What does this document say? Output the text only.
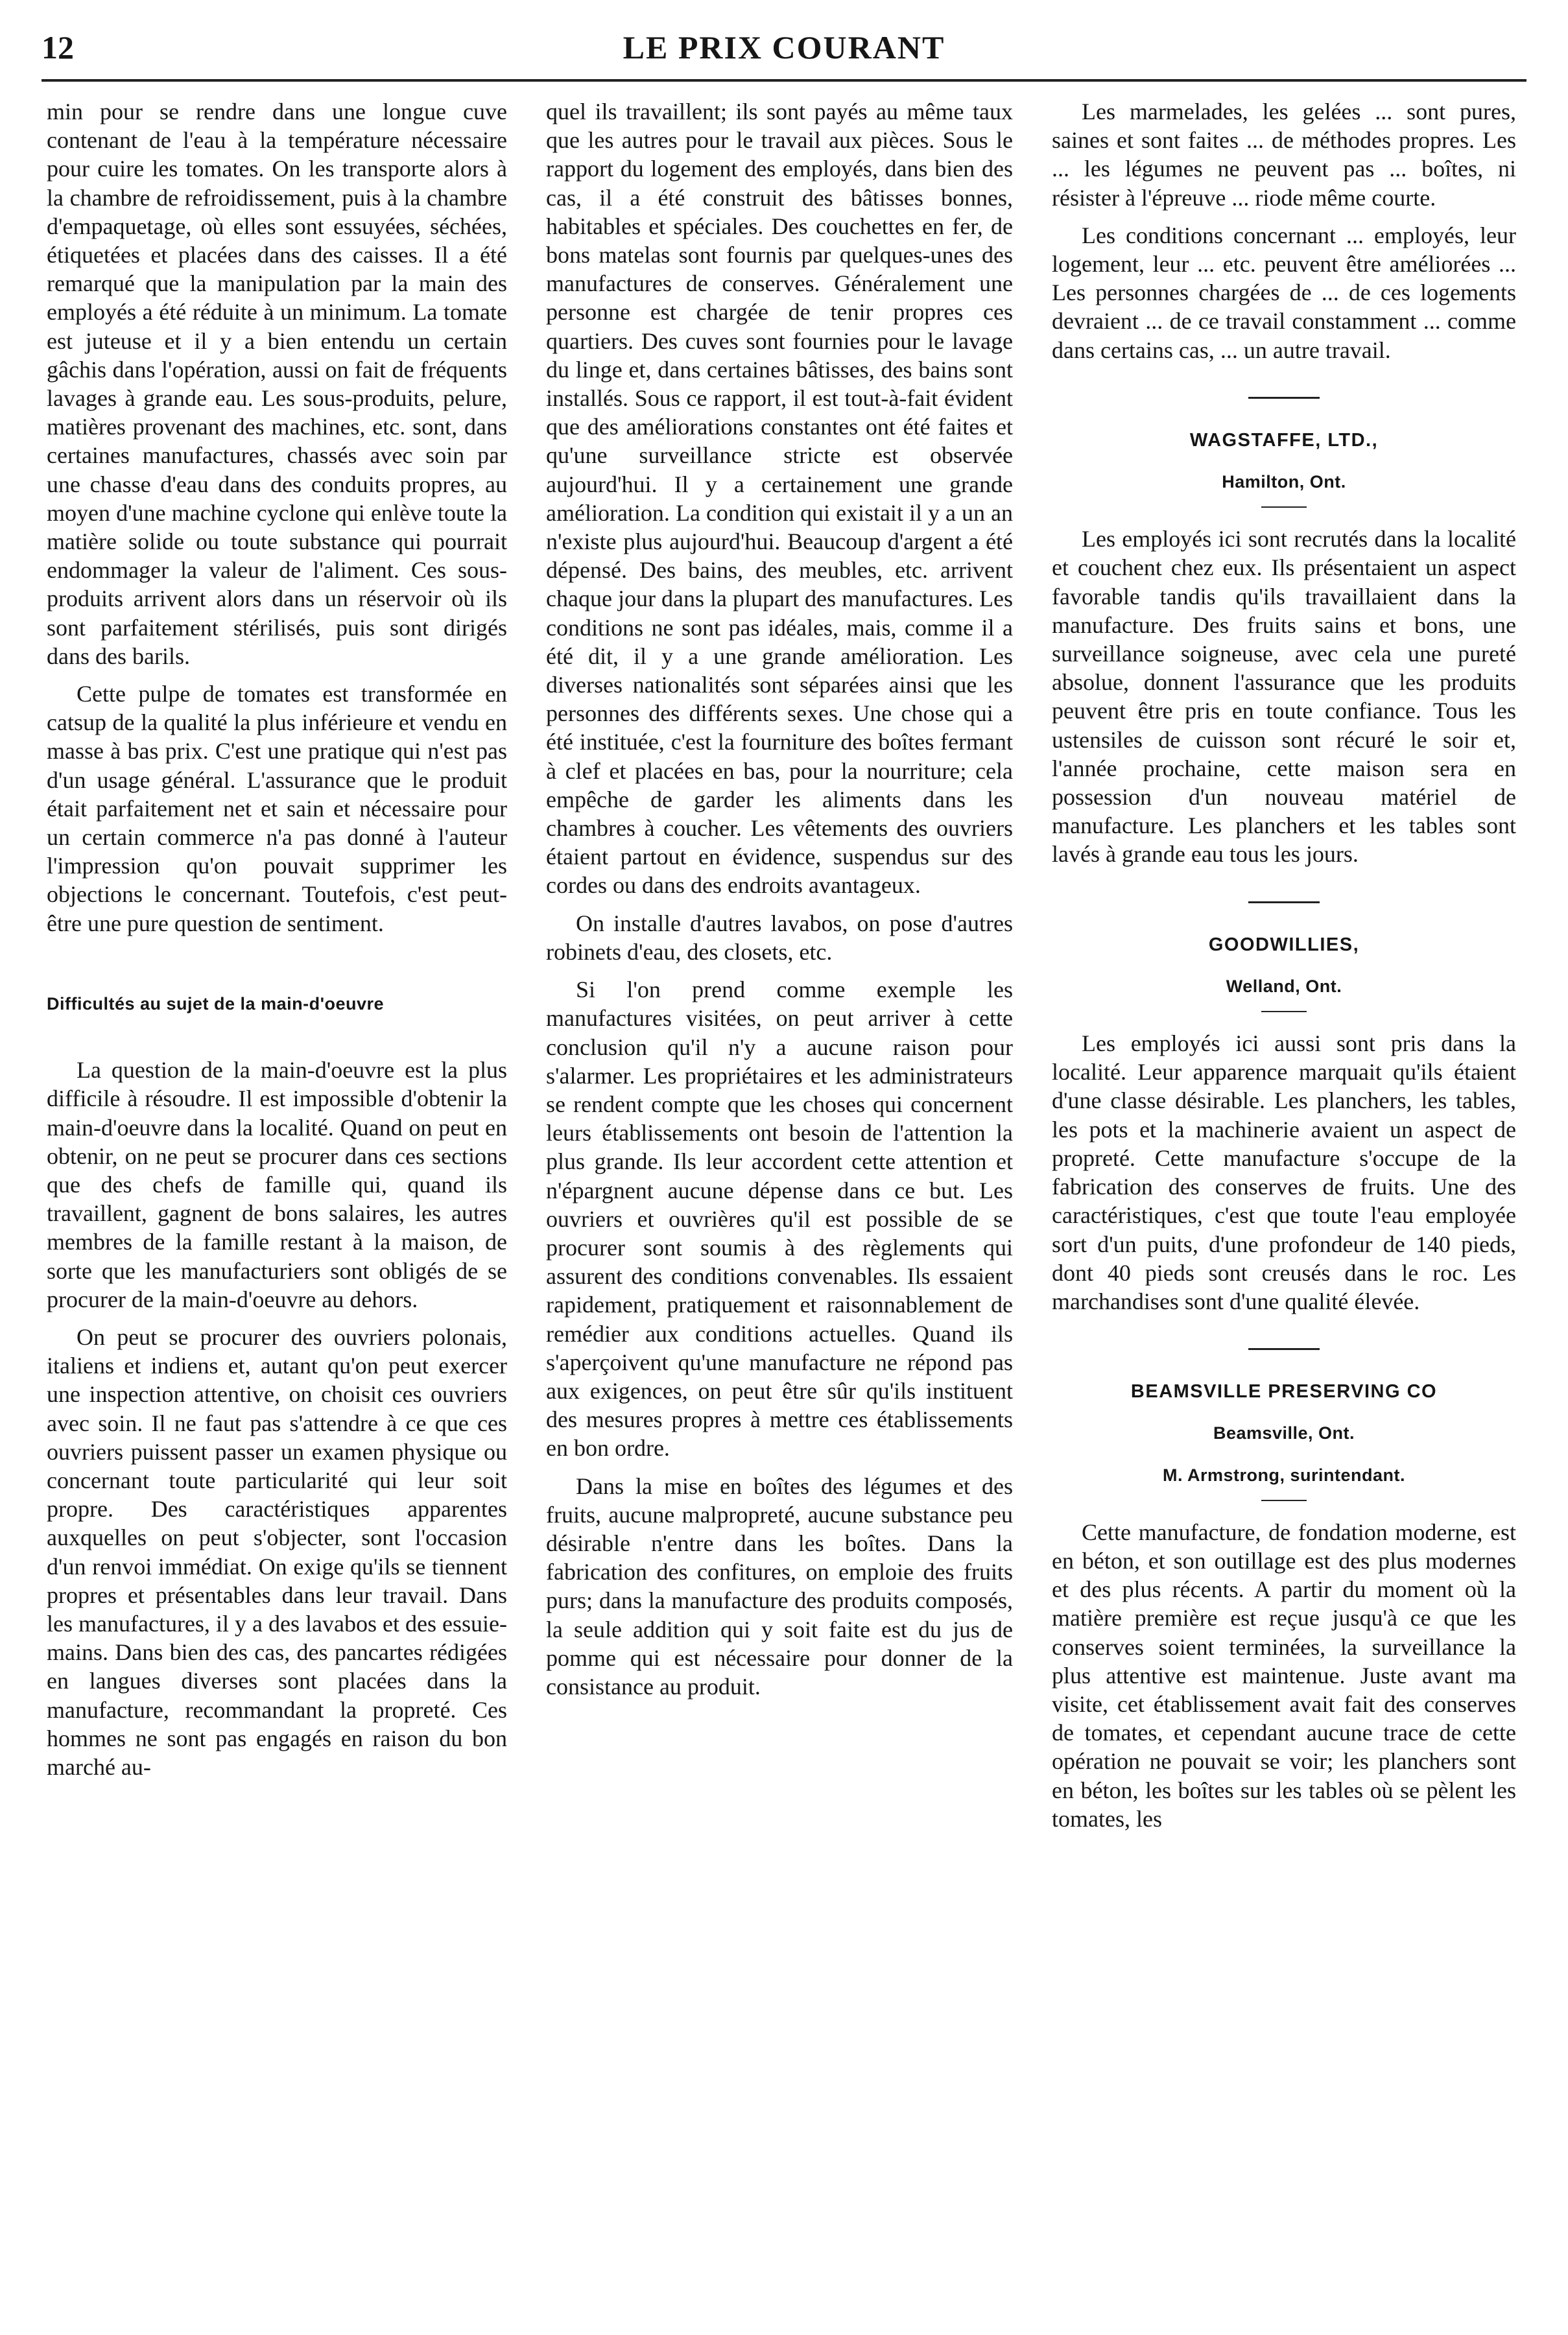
12	LE PRIX COURANT

min pour se rendre dans une longue cuve contenant de l'eau à la température nécessaire pour cuire les tomates. On les transporte alors à la chambre de refroidissement, puis à la chambre d'empaquetage, où elles sont essuyées, séchées, étiquetées et placées dans des caisses. Il a été remarqué que la manipulation par la main des employés a été réduite à un minimum. La tomate est juteuse et il y a bien entendu un certain gâchis dans l'opération, aussi on fait de fréquents lavages à grande eau. Les sous-produits, pelure, matières provenant des machines, etc. sont, dans certaines manufactures, chassés avec soin par une chasse d'eau dans des conduits propres, au moyen d'une machine cyclone qui enlève toute la matière solide ou toute substance qui pourrait endommager la valeur de l'aliment. Ces sous-produits arrivent alors dans un réservoir où ils sont parfaitement stérilisés, puis sont dirigés dans des barils.

Cette pulpe de tomates est transformée en catsup de la qualité la plus inférieure et vendu en masse à bas prix. C'est une pratique qui n'est pas d'un usage général. L'assurance que le produit était parfaitement net et sain et nécessaire pour un certain commerce n'a pas donné à l'auteur l'impression qu'on pouvait supprimer les objections le concernant. Toutefois, c'est peut-être une pure question de sentiment.

Difficultés au sujet de la main-d'oeuvre

La question de la main-d'oeuvre est la plus difficile à résoudre. Il est impossible d'obtenir la main-d'oeuvre dans la localité. Quand on peut en obtenir, on ne peut se procurer dans ces sections que des chefs de famille qui, quand ils travaillent, gagnent de bons salaires, les autres membres de la famille restant à la maison, de sorte que les manufacturiers sont obligés de se procurer de la main-d'oeuvre au dehors.

On peut se procurer des ouvriers polonais, italiens et indiens et, autant qu'on peut exercer une inspection attentive, on choisit ces ouvriers avec soin. Il ne faut pas s'attendre à ce que ces ouvriers puissent passer un examen physique ou concernant toute particularité qui leur soit propre. Des caractéristiques apparentes auxquelles on peut s'objecter, sont l'occasion d'un renvoi immédiat. On exige qu'ils se tiennent propres et présentables dans leur travail. Dans les manufactures, il y a des lavabos et des essuie-mains. Dans bien des cas, des pancartes rédigées en langues diverses sont placées dans la manufacture, recommandant la propreté. Ces hommes ne sont pas engagés en raison du bon marché au-

quel ils travaillent; ils sont payés au même taux que les autres pour le travail aux pièces. Sous le rapport du logement des employés, dans bien des cas, il a été construit des bâtisses bonnes, habitables et spéciales. Des couchettes en fer, de bons matelas sont fournis par quelques-unes des manufactures de conserves. Généralement une personne est chargée de tenir propres ces quartiers. Des cuves sont fournies pour le lavage du linge et, dans certaines bâtisses, des bains sont installés. Sous ce rapport, il est tout-à-fait évident que des améliorations constantes ont été faites et qu'une surveillance stricte est observée aujourd'hui. Il y a certainement une grande amélioration. La condition qui existait il y a un an n'existe plus aujourd'hui. Beaucoup d'argent a été dépensé. Des bains, des meubles, etc. arrivent chaque jour dans la plupart des manufactures. Les conditions ne sont pas idéales, mais, comme il a été dit, il y a une grande amélioration. Les diverses nationalités sont séparées ainsi que les personnes des différents sexes. Une chose qui a été instituée, c'est la fourniture des boîtes fermant à clef et placées en bas, pour la nourriture; cela empêche de garder les aliments dans les chambres à coucher. Les vêtements des ouvriers étaient partout en évidence, suspendus sur des cordes ou dans des endroits avantageux.

On installe d'autres lavabos, on pose d'autres robinets d'eau, des closets, etc.

Si l'on prend comme exemple les manufactures visitées, on peut arriver à cette conclusion qu'il n'y a aucune raison pour s'alarmer. Les propriétaires et les administrateurs se rendent compte que les choses qui concernent leurs établissements ont besoin de l'attention la plus grande. Ils leur accordent cette attention et n'épargnent aucune dépense dans ce but. Les ouvriers et ouvrières qu'il est possible de se procurer sont soumis à des règlements qui assurent des conditions convenables. Ils essaient rapidement, pratiquement et raisonnablement de remédier aux conditions actuelles. Quand ils s'aperçoivent qu'une manufacture ne répond pas aux exigences, on peut être sûr qu'ils instituent des mesures propres à mettre ces établissements en bon ordre.

Dans la mise en boîtes des légumes et des fruits, aucune malpropreté, aucune substance peu désirable n'entre dans les boîtes. Dans la fabrication des confitures, on emploie des fruits purs; dans la manufacture des produits composés, la seule addition qui y soit faite est du jus de pomme qui est nécessaire pour donner de la consistance au produit.

Les marmelades, les gelées ... sont pures, saines et sont faites ... de méthodes propres. Les ... les légumes ne peuvent pas ... boîtes, ni résister à l'épreuve ... riode même courte.

Les conditions concernant ... employés, leur logement, leur ... etc. peuvent être améliorées ... Les personnes chargées de ... de ces logements devraient ... de ce travail constamment ... comme dans certains cas, ... un autre travail.

WAGSTAFFE, LTD.,
Hamilton, Ont.

Les employés ici sont recrutés dans la localité et couchent chez eux. Ils présentaient un aspect favorable tandis qu'ils travaillaient dans la manufacture. Des fruits sains et bons, une surveillance soigneuse, avec cela une pureté absolue, donnent l'assurance que les produits peuvent être pris en toute confiance. Tous les ustensiles de cuisson sont récuré le soir et, l'année prochaine, cette maison sera en possession d'un nouveau matériel de manufacture. Les planchers et les tables sont lavés à grande eau tous les jours.

GOODWILLIES,
Welland, Ont.

Les employés ici aussi sont pris dans la localité. Leur apparence marquait qu'ils étaient d'une classe désirable. Les planchers, les tables, les pots et la machinerie avaient un aspect de propreté. Cette manufacture s'occupe de la fabrication des conserves de fruits. Une des caractéristiques, c'est que toute l'eau employée sort d'un puits, d'une profondeur de 140 pieds, dont 40 pieds sont creusés dans le roc. Les marchandises sont d'une qualité élevée.

BEAMSVILLE PRESERVING CO
Beamsville, Ont.
M. Armstrong, surintendant.

Cette manufacture, de fondation moderne, est en béton, et son outillage est des plus modernes et des plus récents. A partir du moment où la matière première est reçue jusqu'à ce que les conserves soient terminées, la surveillance la plus attentive est maintenue. Juste avant ma visite, cet établissement avait fait des conserves de tomates, et cependant aucune trace de cette opération ne pouvait se voir; les planchers sont en béton, les boîtes sur les tables où se pèlent les tomates, les
